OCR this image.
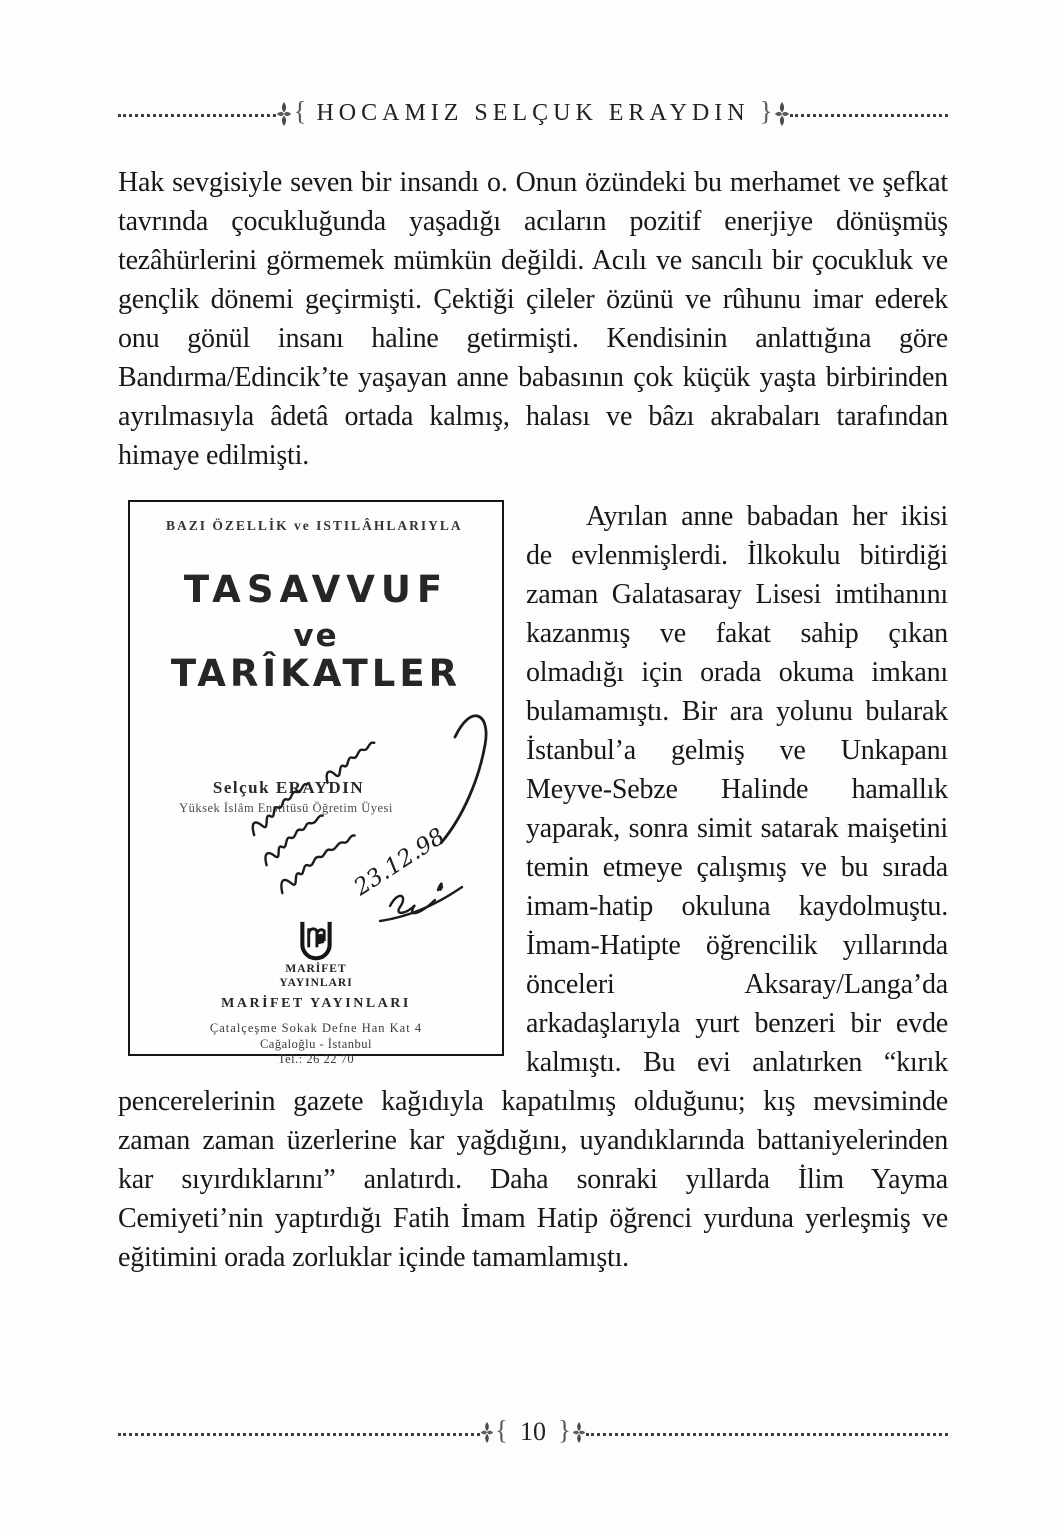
{ HOCAMIZ SELÇUK ERAYDIN }

Hak sevgisiyle seven bir insandı o. Onun özündeki bu merhamet ve şefkat tavrında çocukluğunda yaşadığı acıların pozitif enerjiye dönüşmüş tezâhürlerini görmemek mümkün değildi. Acılı ve sancılı bir çocukluk ve gençlik dönemi geçirmişti. Çektiği çileler özünü ve rûhunu imar ederek onu gönül insanı haline getirmişti. Kendisinin anlattığına göre Bandırma/Edincik’te yaşayan anne babasının çok küçük yaşta birbirinden ayrılmasıyla âdetâ ortada kalmış, halası ve bâzı akrabaları tarafından himaye edilmişti.

BAZI ÖZELLİK ve ISTILÂHLARIYLA
TASAVVUF
ve
TARÎKATLER
Selçuk ERAYDIN
Yüksek İslâm Enstitüsü Öğretim Üyesi
23.12.98
MARİFET
YAYINLARI
MARİFET YAYINLARI
Çatalçeşme Sokak Defne Han Kat 4
Cağaloğlu - İstanbul
Tel.: 26 22 70

Ayrılan anne babadan her ikisi de evlenmişlerdi. İlkokulu bitirdiği zaman Galatasaray Lisesi imtihanını kazanmış ve fakat sahip çıkan olmadığı için orada okuma imkanı bulamamıştı. Bir ara yolunu bularak İstanbul’a gelmiş ve Unkapanı Meyve-Sebze Halinde hamallık yaparak, sonra simit satarak maişetini temin etmeye çalışmış ve bu sırada imam-hatip okuluna kaydolmuştu. İmam-Hatipte öğrencilik yıllarında önceleri Aksaray/Langa’da arkadaşlarıyla yurt benzeri bir evde kalmıştı. Bu evi anlatırken “kırık pencerelerinin gazete kağıdıyla kapatılmış olduğunu; kış mevsiminde zaman zaman üzerlerine kar yağdığını, uyandıklarında battaniyelerinden kar sıyırdıklarını” anlatırdı. Daha sonraki yıllarda İlim Yayma Cemiyeti’nin yaptırdığı Fatih İmam Hatip öğrenci yurduna yerleşmiş ve eğitimini orada zorluklar içinde tamamlamıştı.

{ 10 }
